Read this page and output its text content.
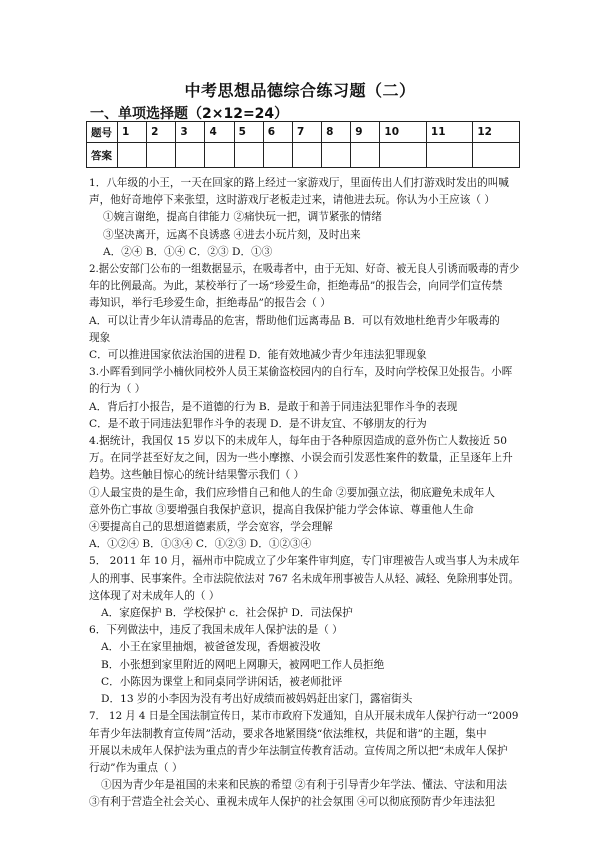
中考思想品德综合练习题（二）
一、单项选择题（2×12=24）
题号	1	2	3	4	5	6	7	8	9	10	11	12
答案												
1．八年级的小王，一天在回家的路上经过一家游戏厅，里面传出人们打游戏时发出的叫喊
声，他好奇地停下来张望，这时游戏厅老板走过来，请他进去玩。你认为小王应该（ ）
①婉言谢绝，提高自律能力 ②痛快玩一把，调节紧张的情绪
③坚决离开，远离不良诱惑 ④进去小玩片刻，及时出来
A．②④ B．①④ C．②③ D．①③
2.据公安部门公布的一组数据显示，在吸毒者中，由于无知、好奇、被无良人引诱而吸毒的青少
年的比例最高。为此，某校举行了一场“珍爱生命，拒绝毒品”的报告会，向同学们宣传禁
毒知识，举行毛珍爱生命，拒绝毒品”的报告会（ ）
A．可以让青少年认清毒品的危害，帮助他们远离毒品 B．可以有效地杜绝青少年吸毒的
现象
C．可以推进国家依法治国的进程 D．能有效地减少青少年违法犯罪现象
3.小晖看到同学小楠伙同校外人员王某偷盗校园内的自行车，及时向学校保卫处报告。小晖
的行为（ ）
A．背后打小报告，是不道德的行为 B．是敢于和善于同违法犯罪作斗争的表现
C．是不敢于同违法犯罪作斗争的表现 D．是不讲友宜、不够朋友的行为
4.据统计，我国仅 15 岁以下的未成年人，每年由于各种原因造成的意外伤亡人数接近 50
万。在同学甚至好友之间，因为一些小摩擦、小误会而引发恶性案件的数量，正呈逐年上升
趋势。这些触目惊心的统计结果警示我们（ ）
①人最宝贵的是生命，我们应珍惜自己和他人的生命 ②要加强立法，彻底避免未成年人
意外伤亡事故 ③要增强自我保护意识，提高自我保护能力学会体谅、尊重他人生命
④要提高自己的思想道德素质，学会宽容，学会理解
A．①②④ B．①③④ C．①②③ D．①②③④
5． 2011 年 10 月，福州市中院成立了少年案件审判庭，专门审理被告人或当事人为未成年
人的刑事、民事案件。全市法院依法对 767 名未成年刑事被告人从轻、减轻、免除刑事处罚。
这体现了对未成年人的（ ）
A．家庭保护 B．学校保护 c．社会保护 D．司法保护
6．下列做法中，违反了我国未成年人保护法的是（ ）
A．小王在家里抽烟，被爸爸发现，香烟被没收
B．小张想到家里附近的网吧上网聊天，被网吧工作人员拒绝
C．小陈因为课堂上和同桌同学讲闲话，被老师批评
D．13 岁的小李因为没有考出好成绩而被妈妈赶出家门，露宿街头
7． 12 月 4 日是全国法制宣传日，某市市政府下发通知，自从开展未成年人保护行动一“2009
年青少年法制教育宣传周”活动，要求各地紧围绕“依法维权，共促和谐”的主题，集中
开展以未成年人保护法为重点的青少年法制宣传教育活动。宣传周之所以把“未成年人保护
行动”作为重点（ ）
①因为青少年是祖国的未来和民族的希望 ②有利于引导青少年学法、懂法、守法和用法
③有利于营造全社会关心、重视未成年人保护的社会氛围 ④可以彻底预防青少年违法犯
